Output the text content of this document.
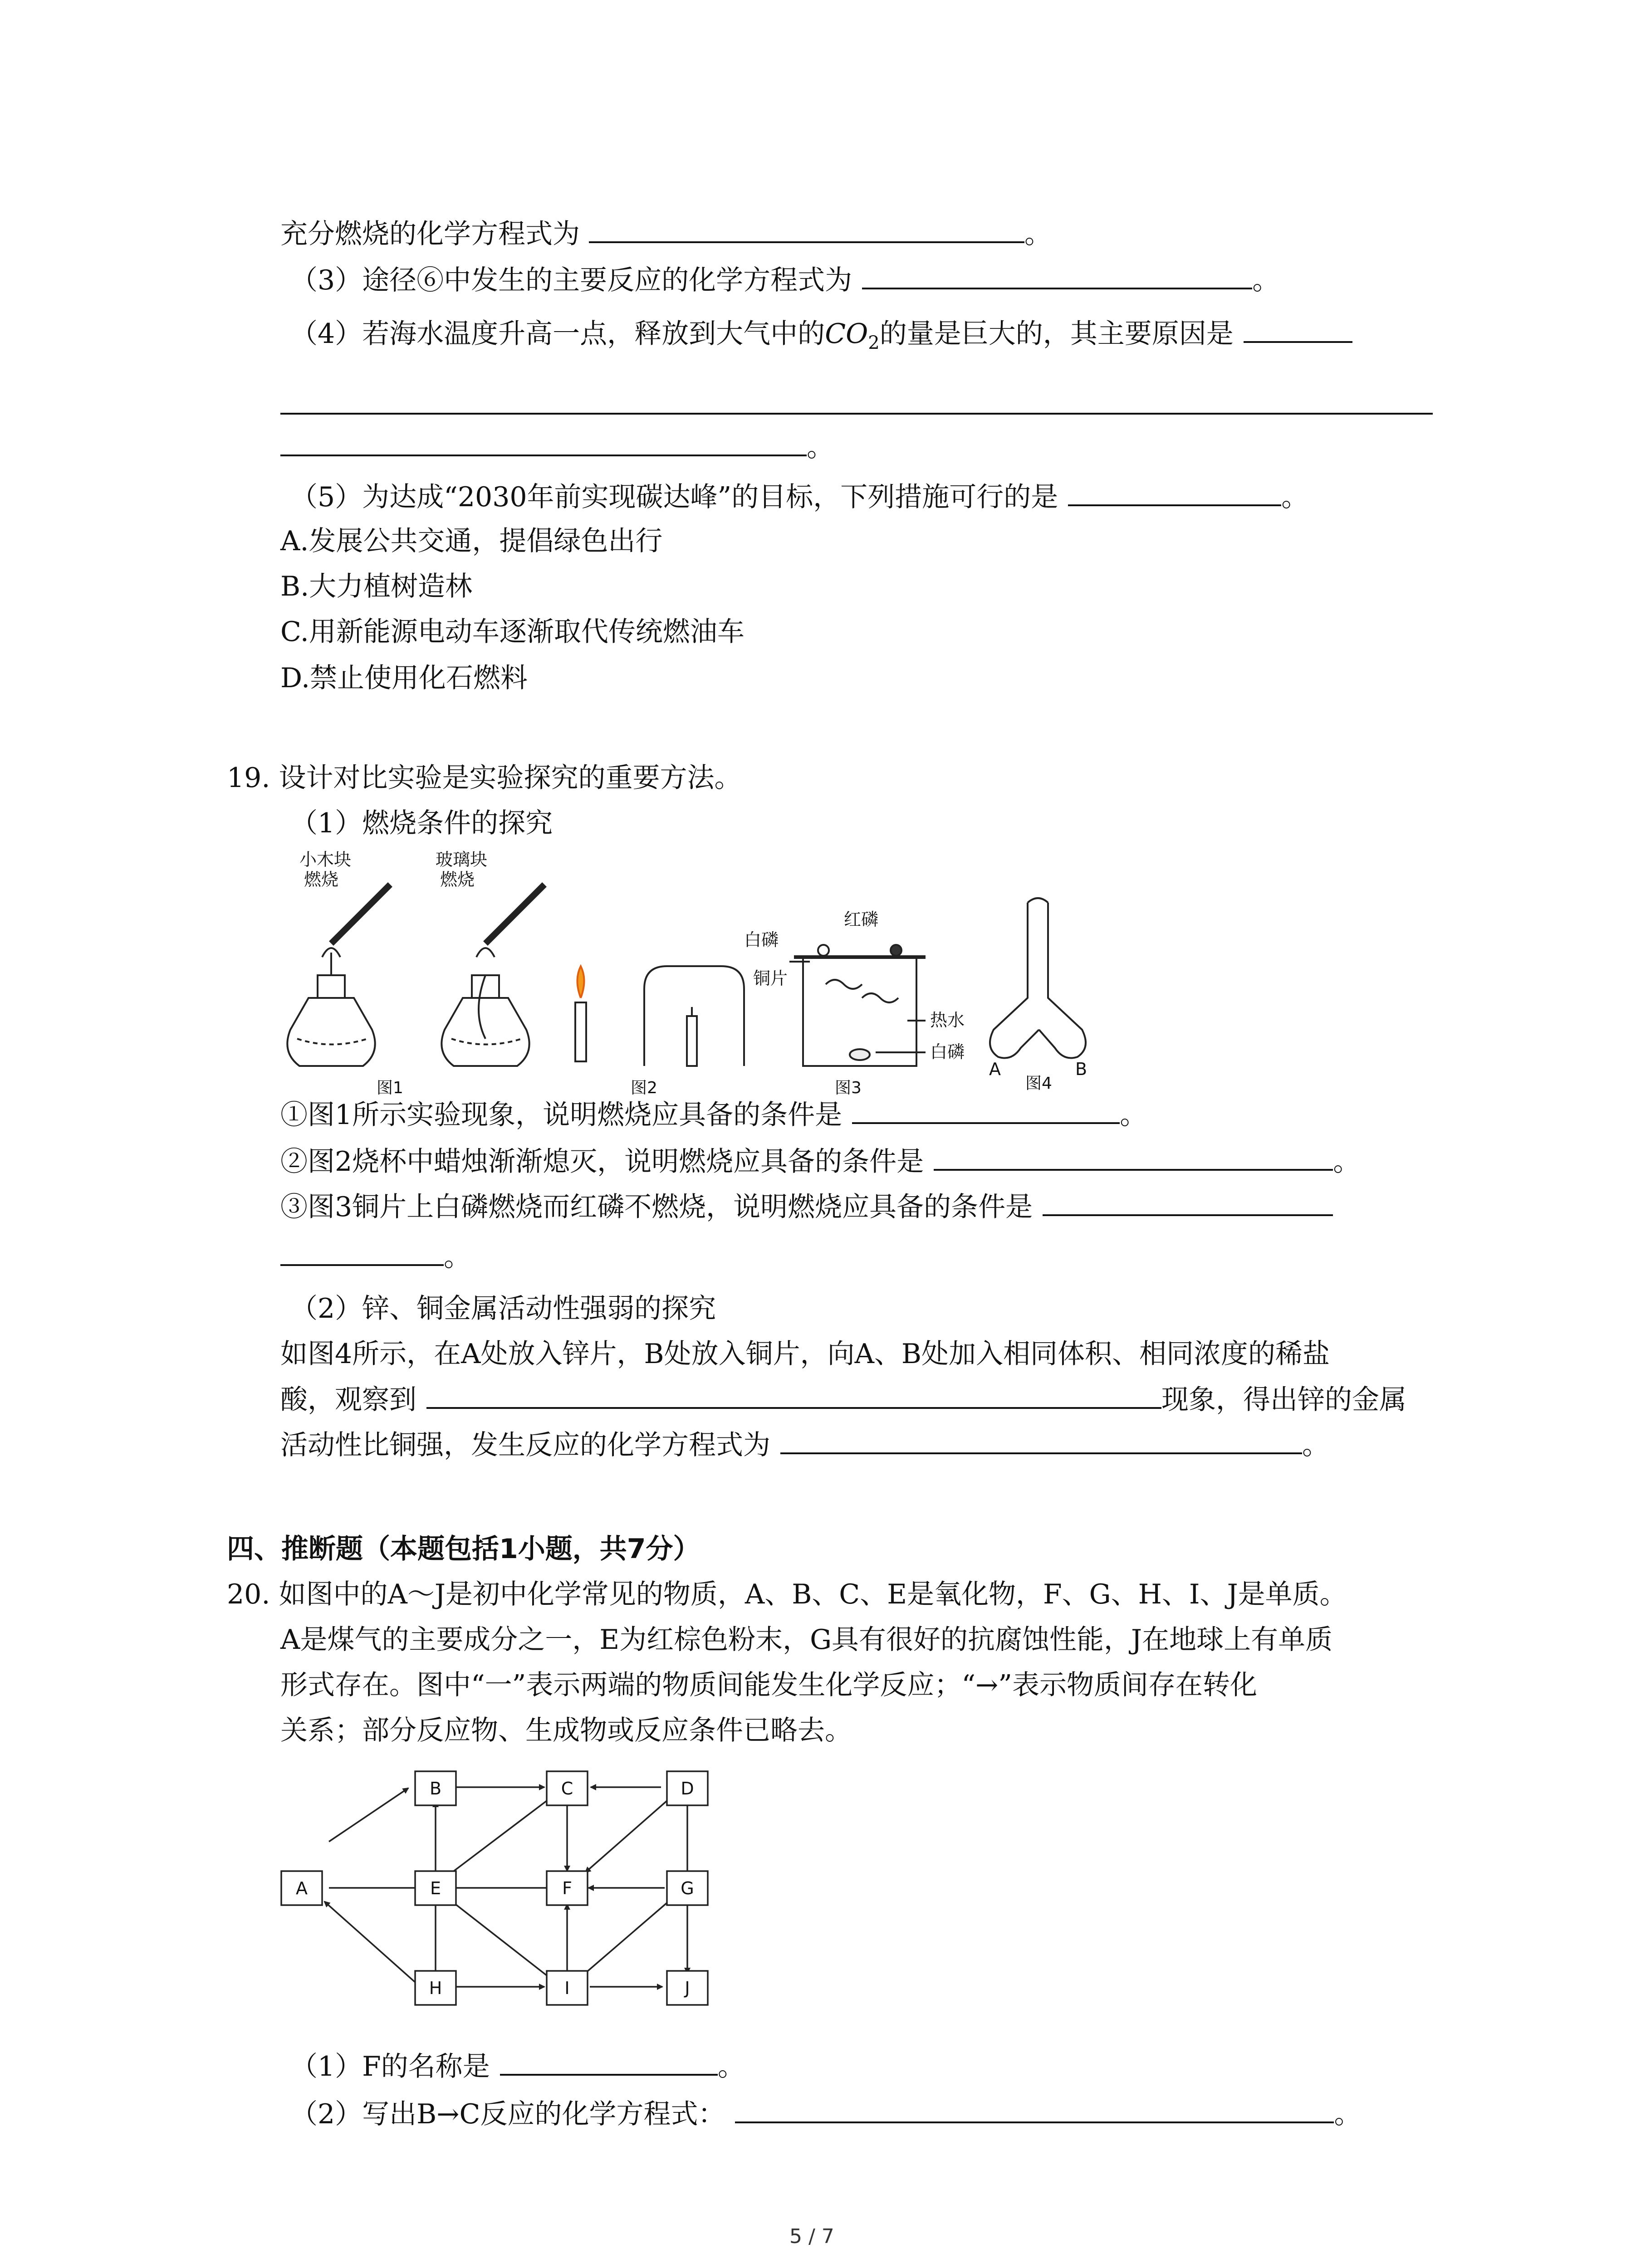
充分燃烧的化学方程式为	。
（3）途径⑥中发生的主要反应的化学方程式为	。
（4）若海水温度升高一点，释放到大气中的$CO_2$的量是巨大的，其主要原因是
。
（5）为达成“2030年前实现碳达峰”的目标，下列措施可行的是	。
A.发展公共交通，提倡绿色出行
B.大力植树造林
C.用新能源电动车逐渐取代传统燃油车
D.禁止使用化石燃料
19. 设计对比实验是实验探究的重要方法。
（1）燃烧条件的探究
小木块
燃烧
玻璃块
燃烧
图1	图2
红磷
白磷
铜片
热水
白磷
图3
A	B
图4
①图1所示实验现象，说明燃烧应具备的条件是	。
②图2烧杯中蜡烛渐渐熄灭，说明燃烧应具备的条件是	。
③图3铜片上白磷燃烧而红磷不燃烧，说明燃烧应具备的条件是
。
（2）锌、铜金属活动性强弱的探究
如图4所示，在A处放入锌片，B处放入铜片，向A、B处加入相同体积、相同浓度的稀盐
酸，观察到	现象，得出锌的金属
活动性比铜强，发生反应的化学方程式为	。
四、推断题（本题包括1小题，共7分）
20. 如图中的A～J是初中化学常见的物质，A、B、C、E是氧化物，F、G、H、I、J是单质。
A是煤气的主要成分之一，E为红棕色粉末，G具有很好的抗腐蚀性能，J在地球上有单质
形式存在。图中“一”表示两端的物质间能发生化学反应；“→”表示物质间存在转化
关系；部分反应物、生成物或反应条件已略去。
A
B	C	D
E	F	G
H	I	J
（1）F的名称是	。
（2）写出B→C反应的化学方程式：	。
5 / 7
